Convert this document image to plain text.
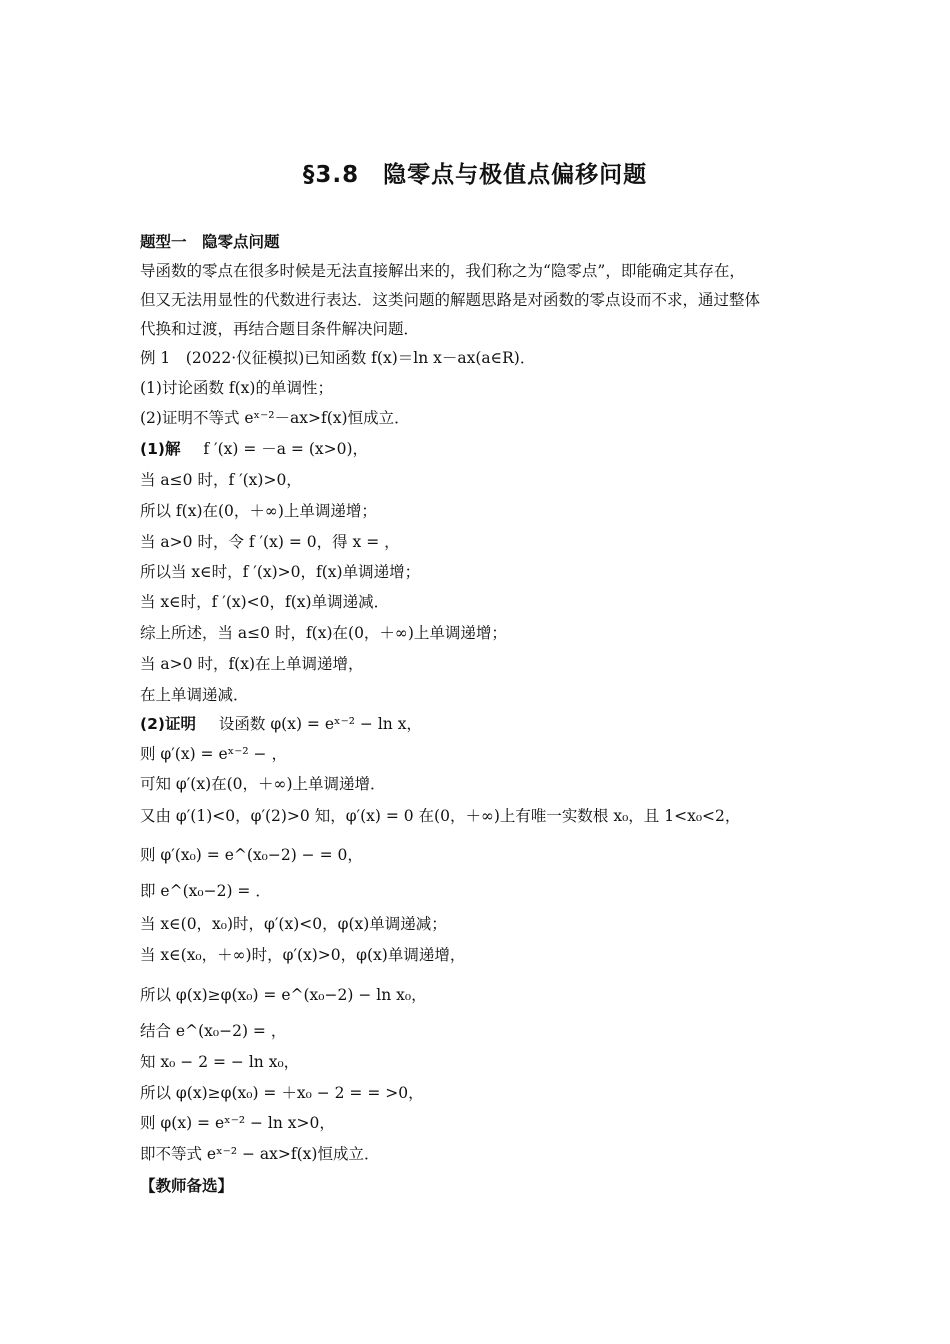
§3.8　隐零点与极值点偏移问题
题型一　隐零点问题
导函数的零点在很多时候是无法直接解出来的，我们称之为“隐零点”，即能确定其存在，
但又无法用显性的代数进行表达．这类问题的解题思路是对函数的零点设而不求，通过整体
代换和过渡，再结合题目条件解决问题．
例 1　(2022·仪征模拟)已知函数 f(x)＝ln x－ax(a∈R)．
(1)讨论函数 f(x)的单调性；
(2)证明不等式 eˣ⁻²－ax>f(x)恒成立．
(1)解 f ′(x) = －a = (x>0)，
当 a≤0 时，f ′(x)>0，
所以 f(x)在(0，＋∞)上单调递增；
当 a>0 时，令 f ′(x) = 0，得 x = ，
所以当 x∈时，f ′(x)>0，f(x)单调递增；
当 x∈时，f ′(x)<0，f(x)单调递减．
综上所述，当 a≤0 时，f(x)在(0，＋∞)上单调递增；
当 a>0 时，f(x)在上单调递增，
在上单调递减．
(2)证明 设函数 φ(x) = eˣ⁻² − ln x，
则 φ′(x) = eˣ⁻² − ，
可知 φ′(x)在(0，＋∞)上单调递增．
又由 φ′(1)<0，φ′(2)>0 知，φ′(x) = 0 在(0，＋∞)上有唯一实数根 x₀，且 1<x₀<2，
则 φ′(x₀) = e^(x₀−2) − = 0，
即 e^(x₀−2) = ．
当 x∈(0，x₀)时，φ′(x)<0，φ(x)单调递减；
当 x∈(x₀，＋∞)时，φ′(x)>0，φ(x)单调递增，
所以 φ(x)≥φ(x₀) = e^(x₀−2) − ln x₀，
结合 e^(x₀−2) = ，
知 x₀ − 2 = − ln x₀，
所以 φ(x)≥φ(x₀) = ＋x₀ − 2 = = >0，
则 φ(x) = eˣ⁻² − ln x>0，
即不等式 eˣ⁻² − ax>f(x)恒成立．
【教师备选】
